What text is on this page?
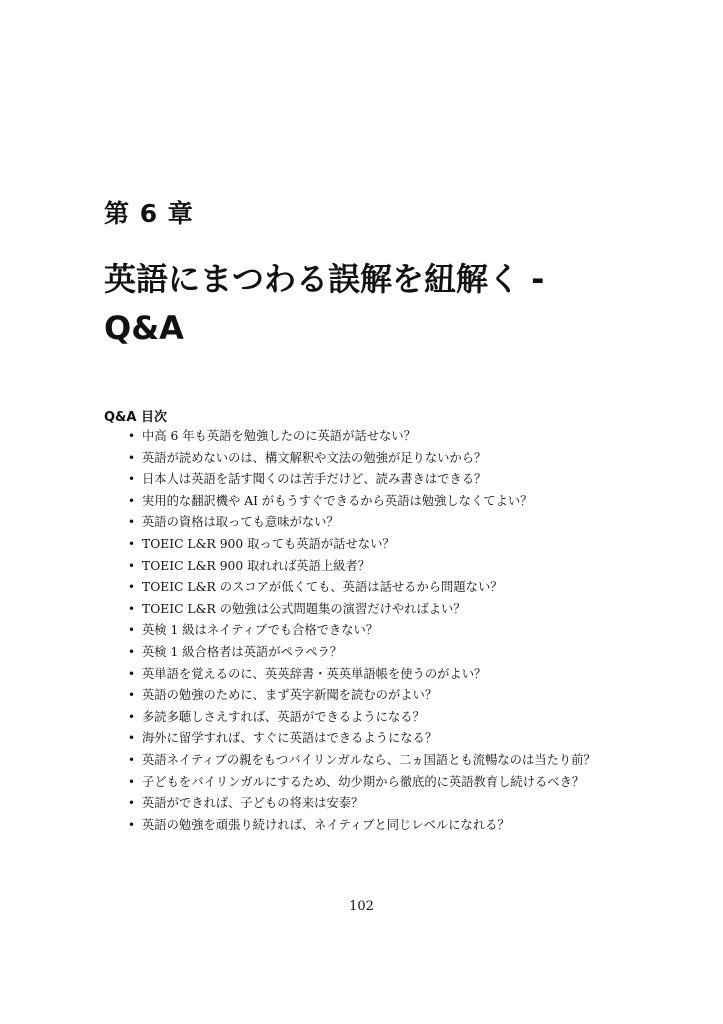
第 6 章
英語にまつわる誤解を紐解く -
Q&A
Q&A 目次
• 中高 6 年も英語を勉強したのに英語が話せない？
• 英語が読めないのは、構文解釈や文法の勉強が足りないから？
• 日本人は英語を話す聞くのは苦手だけど、読み書きはできる？
• 実用的な翻訳機や AI がもうすぐできるから英語は勉強しなくてよい？
• 英語の資格は取っても意味がない？
• TOEIC L&R 900 取っても英語が話せない？
• TOEIC L&R 900 取れれば英語上級者？
• TOEIC L&R のスコアが低くても、英語は話せるから問題ない？
• TOEIC L&R の勉強は公式問題集の演習だけやればよい？
• 英検 1 級はネイティブでも合格できない？
• 英検 1 級合格者は英語がペラペラ？
• 英単語を覚えるのに、英英辞書・英英単語帳を使うのがよい？
• 英語の勉強のために、まず英字新聞を読むのがよい？
• 多読多聴しさえすれば、英語ができるようになる？
• 海外に留学すれば、すぐに英語はできるようになる？
• 英語ネイティブの親をもつバイリンガルなら、二ヵ国語とも流暢なのは当たり前？
• 子どもをバイリンガルにするため、幼少期から徹底的に英語教育し続けるべき？
• 英語ができれば、子どもの将来は安泰？
• 英語の勉強を頑張り続ければ、ネイティブと同じレベルになれる？

102
